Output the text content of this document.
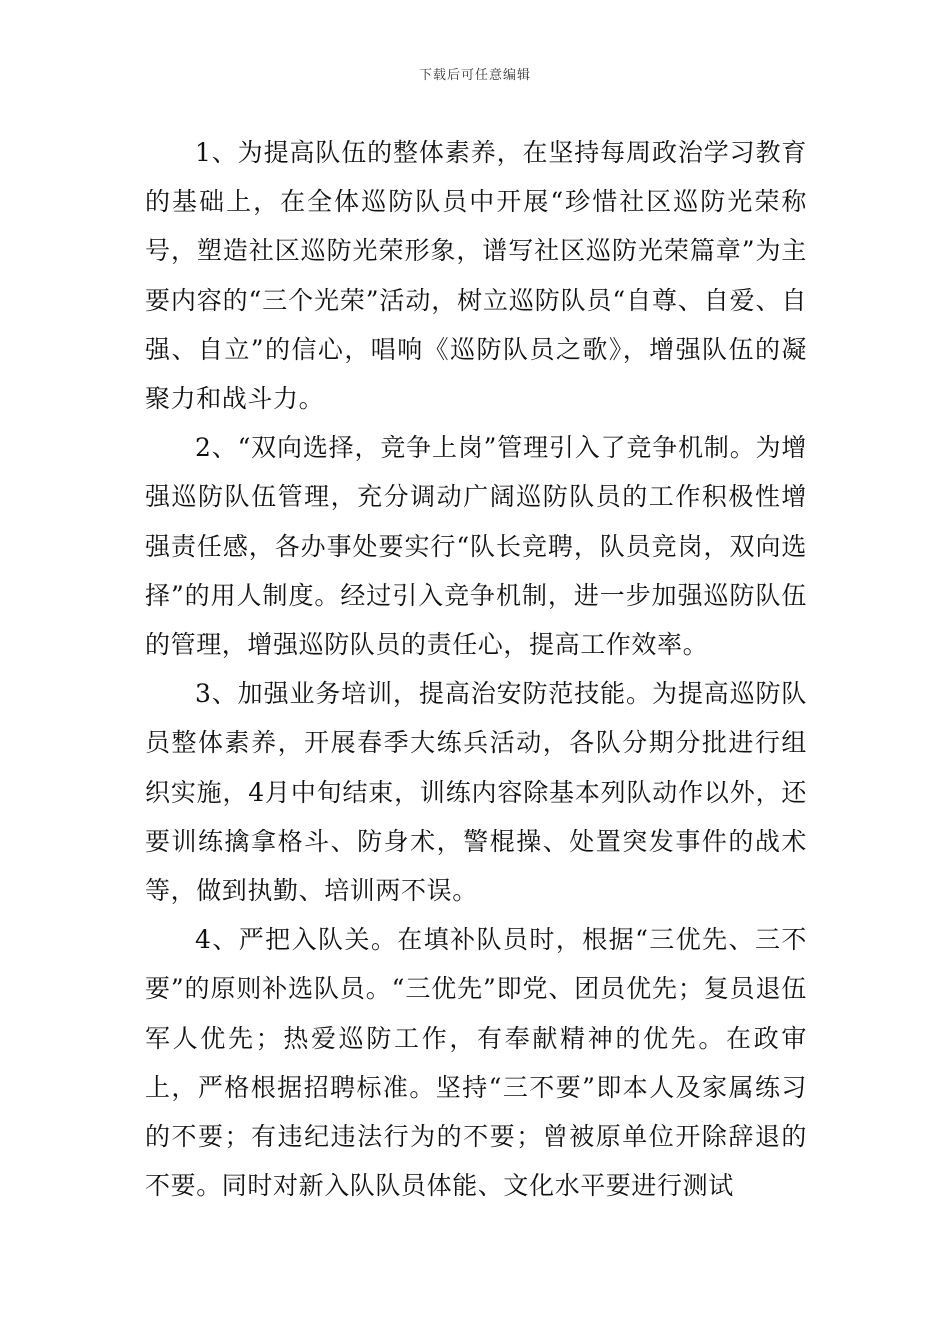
下载后可任意编辑

1、为提高队伍的整体素养，在坚持每周政治学习教育的基础上，在全体巡防队员中开展“珍惜社区巡防光荣称号，塑造社区巡防光荣形象，谱写社区巡防光荣篇章”为主要内容的“三个光荣”活动，树立巡防队员“自尊、自爱、自强、自立”的信心，唱响《巡防队员之歌》，增强队伍的凝聚力和战斗力。

2、“双向选择，竞争上岗”管理引入了竞争机制。为增强巡防队伍管理，充分调动广阔巡防队员的工作积极性增强责任感，各办事处要实行“队长竞聘，队员竞岗，双向选择”的用人制度。经过引入竞争机制，进一步加强巡防队伍的管理，增强巡防队员的责任心，提高工作效率。

3、加强业务培训，提高治安防范技能。为提高巡防队员整体素养，开展春季大练兵活动，各队分期分批进行组织实施，4月中旬结束，训练内容除基本列队动作以外，还要训练擒拿格斗、防身术，警棍操、处置突发事件的战术等，做到执勤、培训两不误。

4、严把入队关。在填补队员时，根据“三优先、三不要”的原则补选队员。“三优先”即党、团员优先；复员退伍军人优先；热爱巡防工作，有奉献精神的优先。在政审上，严格根据招聘标准。坚持“三不要”即本人及家属练习的不要；有违纪违法行为的不要；曾被原单位开除辞退的不要。同时对新入队队员体能、文化水平要进行测试
